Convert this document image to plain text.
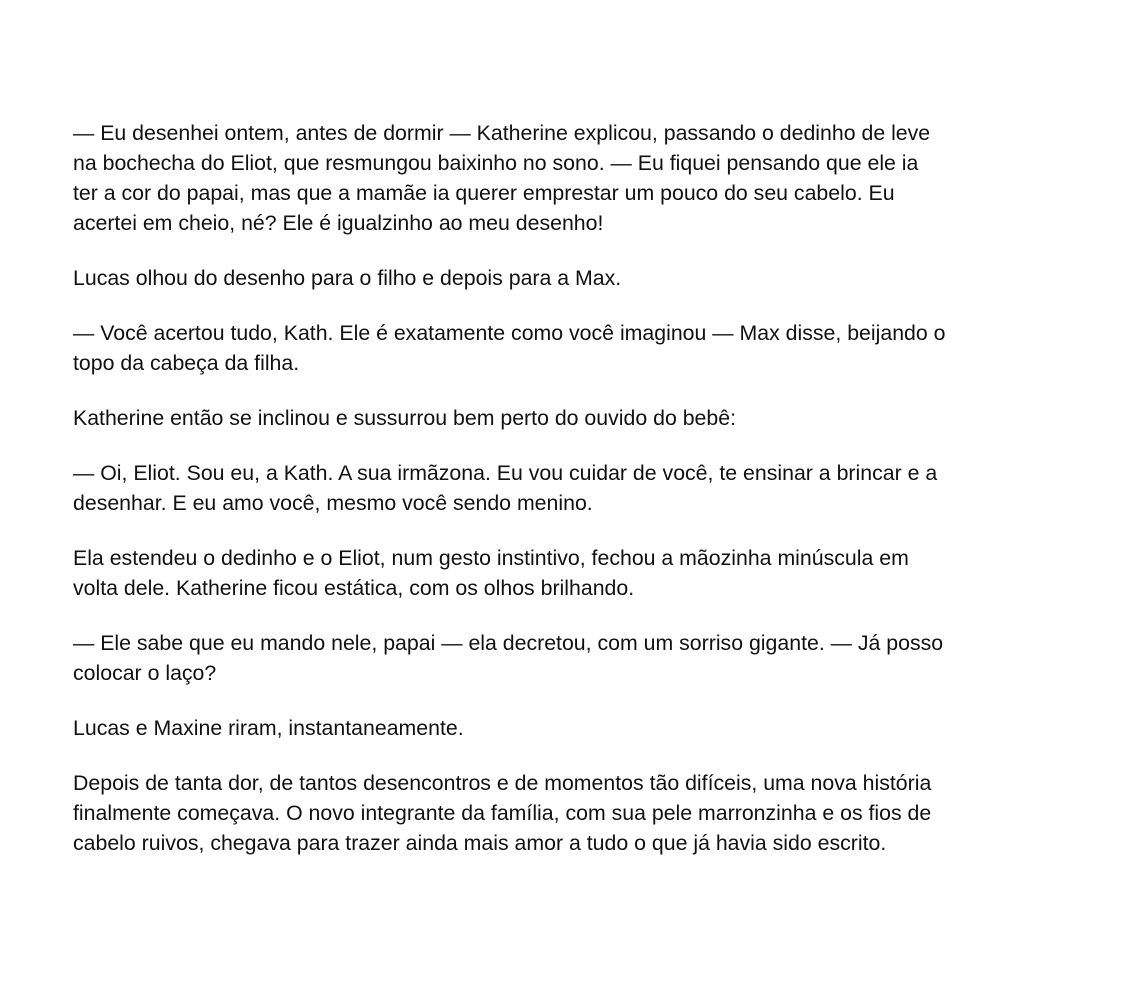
— Eu desenhei ontem, antes de dormir — Katherine explicou, passando o dedinho de leve
na bochecha do Eliot, que resmungou baixinho no sono. — Eu fiquei pensando que ele ia
ter a cor do papai, mas que a mamãe ia querer emprestar um pouco do seu cabelo. Eu
acertei em cheio, né? Ele é igualzinho ao meu desenho!

Lucas olhou do desenho para o filho e depois para a Max.

— Você acertou tudo, Kath. Ele é exatamente como você imaginou — Max disse, beijando o
topo da cabeça da filha.

Katherine então se inclinou e sussurrou bem perto do ouvido do bebê:

— Oi, Eliot. Sou eu, a Kath. A sua irmãzona. Eu vou cuidar de você, te ensinar a brincar e a
desenhar. E eu amo você, mesmo você sendo menino.

Ela estendeu o dedinho e o Eliot, num gesto instintivo, fechou a mãozinha minúscula em
volta dele. Katherine ficou estática, com os olhos brilhando.

— Ele sabe que eu mando nele, papai — ela decretou, com um sorriso gigante. — Já posso
colocar o laço?

Lucas e Maxine riram, instantaneamente.

Depois de tanta dor, de tantos desencontros e de momentos tão difíceis, uma nova história
finalmente começava. O novo integrante da família, com sua pele marronzinha e os fios de
cabelo ruivos, chegava para trazer ainda mais amor a tudo o que já havia sido escrito.
